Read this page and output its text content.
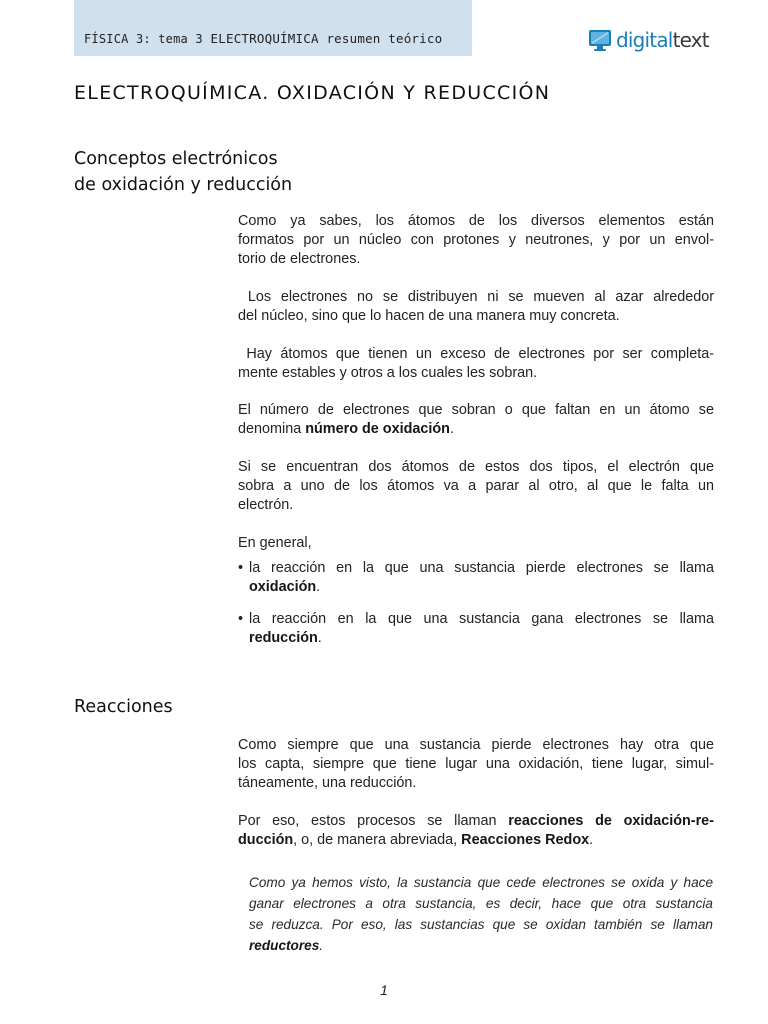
FÍSICA 3: tema 3 ELECTROQUÍMICA resumen teórico	digitaltext
ELECTROQUÍMICA. OXIDACIÓN Y REDUCCIÓN
Conceptos electrónicos
de oxidación y reducción

Como ya sabes, los átomos de los diversos elementos están
formatos por un núcleo con protones y neutrones, y por un envol-
torio de electrones.

Los electrones no se distribuyen ni se mueven al azar alrededor
del núcleo, sino que lo hacen de una manera muy concreta.

Hay átomos que tienen un exceso de electrones por ser completa-
mente estables y otros a los cuales les sobran.

El número de electrones que sobran o que faltan en un átomo se
denomina número de oxidación.

Si se encuentran dos átomos de estos dos tipos, el electrón que
sobra a uno de los átomos va a parar al otro, al que le falta un
electrón.

En general,

• la reacción en la que una sustancia pierde electrones se llama
oxidación.

• la reacción en la que una sustancia gana electrones se llama
reducción.

Reacciones

Como siempre que una sustancia pierde electrones hay otra que
los capta, siempre que tiene lugar una oxidación, tiene lugar, simul-
táneamente, una reducción.

Por eso, estos procesos se llaman reacciones de oxidación-re-
ducción, o, de manera abreviada, Reacciones Redox.

Como ya hemos visto, la sustancia que cede electrones se oxida y hace
ganar electrones a otra sustancia, es decir, hace que otra sustancia
se reduzca. Por eso, las sustancias que se oxidan también se llaman
reductores.
1
